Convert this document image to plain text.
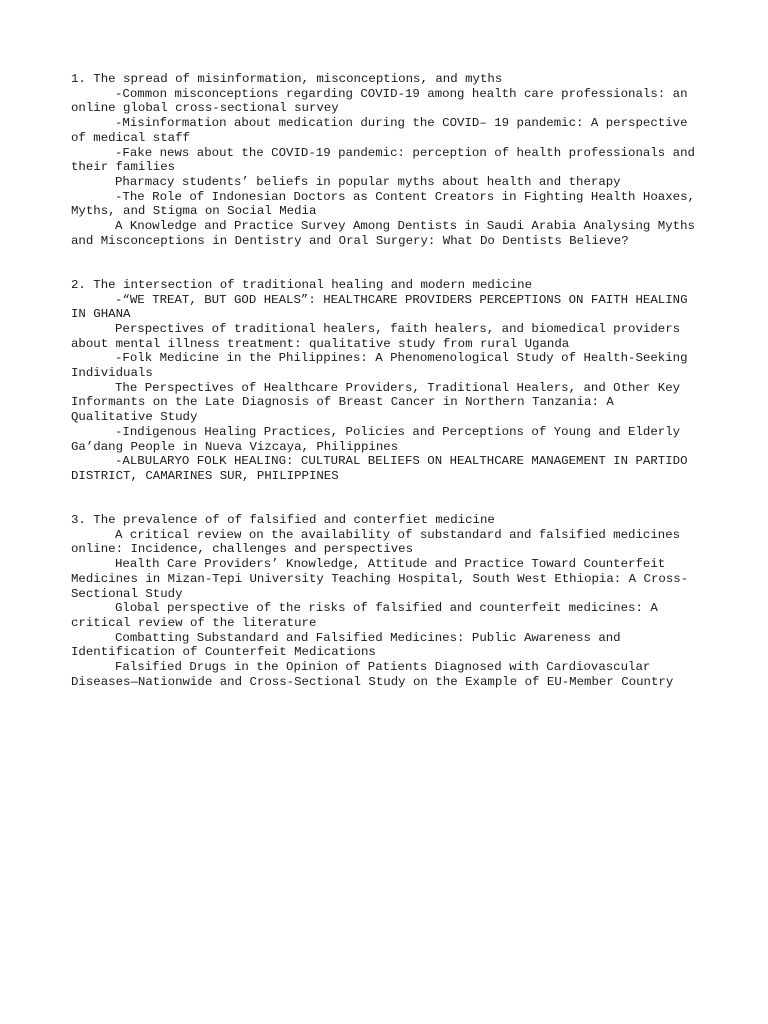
1. The spread of misinformation, misconceptions, and myths

-Common misconceptions regarding COVID-19 among health care professionals: an online global cross-sectional survey
-Misinformation about medication during the COVID– 19 pandemic: A perspective of medical staff
-Fake news about the COVID-19 pandemic: perception of health professionals and their families
Pharmacy students’ beliefs in popular myths about health and therapy
-The Role of Indonesian Doctors as Content Creators in Fighting Health Hoaxes, Myths, and Stigma on Social Media
A Knowledge and Practice Survey Among Dentists in Saudi Arabia Analysing Myths and Misconceptions in Dentistry and Oral Surgery: What Do Dentists Believe?

2. The intersection of traditional healing and modern medicine

-“WE TREAT, BUT GOD HEALS”: HEALTHCARE PROVIDERS PERCEPTIONS ON FAITH HEALING IN GHANA
Perspectives of traditional healers, faith healers, and biomedical providers about mental illness treatment: qualitative study from rural Uganda
-Folk Medicine in the Philippines: A Phenomenological Study of Health-Seeking Individuals
The Perspectives of Healthcare Providers, Traditional Healers, and Other Key Informants on the Late Diagnosis of Breast Cancer in Northern Tanzania: A Qualitative Study
-Indigenous Healing Practices, Policies and Perceptions of Young and Elderly Ga’dang People in Nueva Vizcaya, Philippines
-ALBULARYO FOLK HEALING: CULTURAL BELIEFS ON HEALTHCARE MANAGEMENT IN PARTIDO DISTRICT, CAMARINES SUR, PHILIPPINES

3. The prevalence of of falsified and conterfiet medicine

A critical review on the availability of substandard and falsified medicines online: Incidence, challenges and perspectives
Health Care Providers’ Knowledge, Attitude and Practice Toward Counterfeit Medicines in Mizan-Tepi University Teaching Hospital, South West Ethiopia: A Cross-Sectional Study
Global perspective of the risks of falsified and counterfeit medicines: A critical review of the literature
Combatting Substandard and Falsified Medicines: Public Awareness and Identification of Counterfeit Medications
Falsified Drugs in the Opinion of Patients Diagnosed with Cardiovascular Diseases—Nationwide and Cross-Sectional Study on the Example of EU-Member Country
